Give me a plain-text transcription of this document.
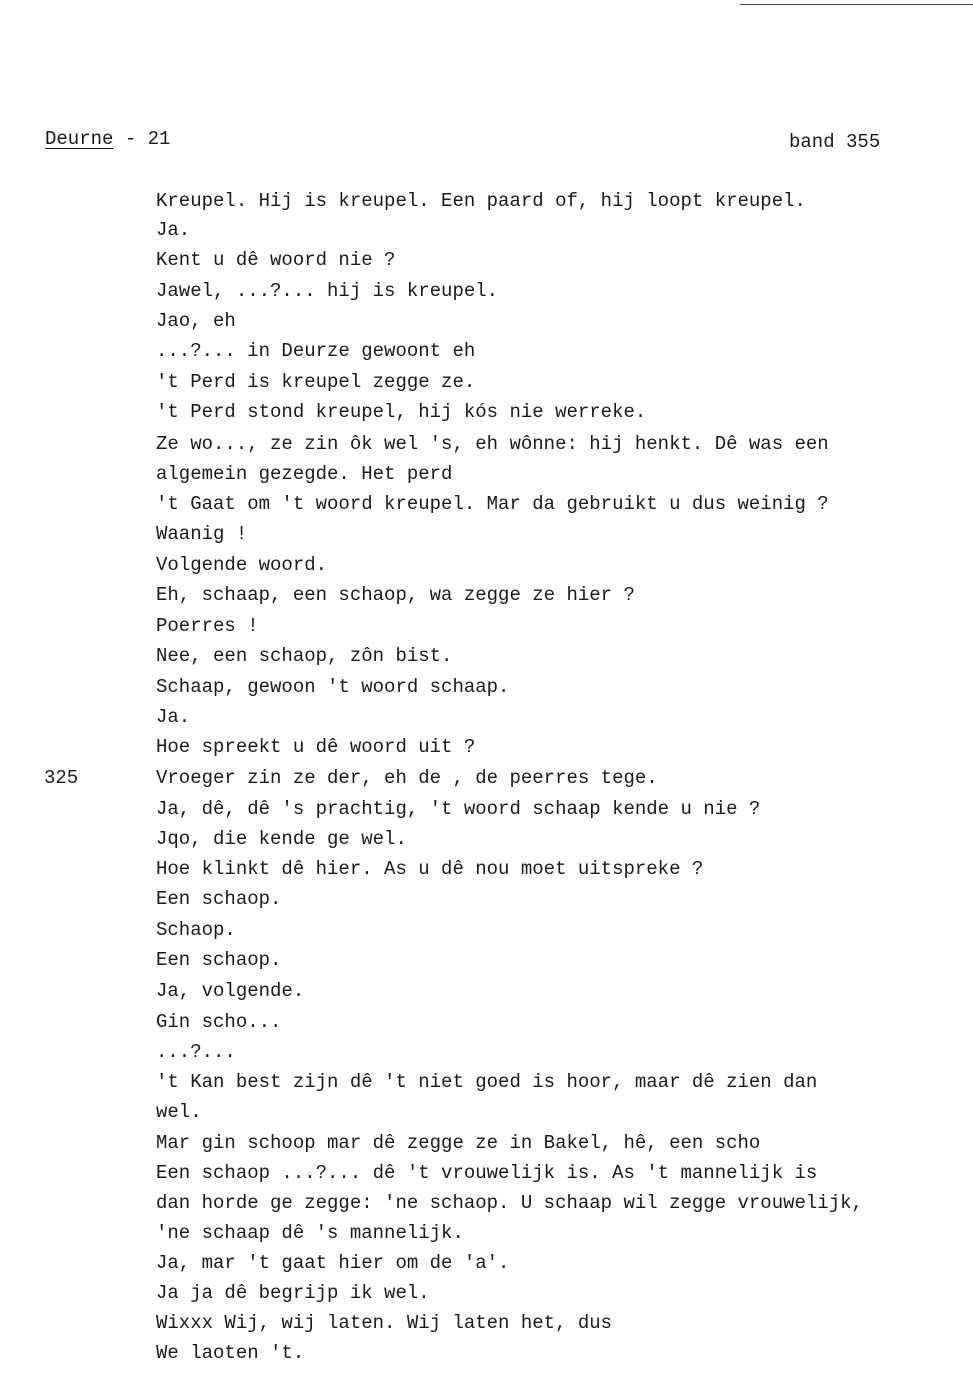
Deurne - 21	band 355
325
Kreupel. Hij is kreupel. Een paard of, hij loopt kreupel.
Ja.
Kent u dê woord nie ?
Jawel, ...?... hij is kreupel.
Jao, eh
...?... in Deurze gewoont eh
't Perd is kreupel zegge ze.
't Perd stond kreupel, hij kós nie werreke.
Ze wo..., ze zin ôk wel 's, eh wônne: hij henkt. Dê was een
algemein gezegde. Het perd
't Gaat om 't woord kreupel. Mar da gebruikt u dus weinig ?
Waanig !
Volgende woord.
Eh, schaap, een schaop, wa zegge ze hier ?
Poerres !
Nee, een schaop, zôn bist.
Schaap, gewoon 't woord schaap.
Ja.
Hoe spreekt u dê woord uit ?
Vroeger zin ze der, eh de , de peerres tege.
Ja, dê, dê 's prachtig, 't woord schaap kende u nie ?
Jqo, die kende ge wel.
Hoe klinkt dê hier. As u dê nou moet uitspreke ?
Een schaop.
Schaop.
Een schaop.
Ja, volgende.
Gin scho...
...?...
't Kan best zijn dê 't niet goed is hoor, maar dê zien dan
wel.
Mar gin schoop mar dê zegge ze in Bakel, hê, een scho
Een schaop ...?... dê 't vrouwelijk is. As 't mannelijk is
dan horde ge zegge: 'ne schaop. U schaap wil zegge vrouwelijk,
'ne schaap dê 's mannelijk.
Ja, mar 't gaat hier om de 'a'.
Ja ja dê begrijp ik wel.
Wixxx Wij, wij laten. Wij laten het, dus
We laoten 't.
